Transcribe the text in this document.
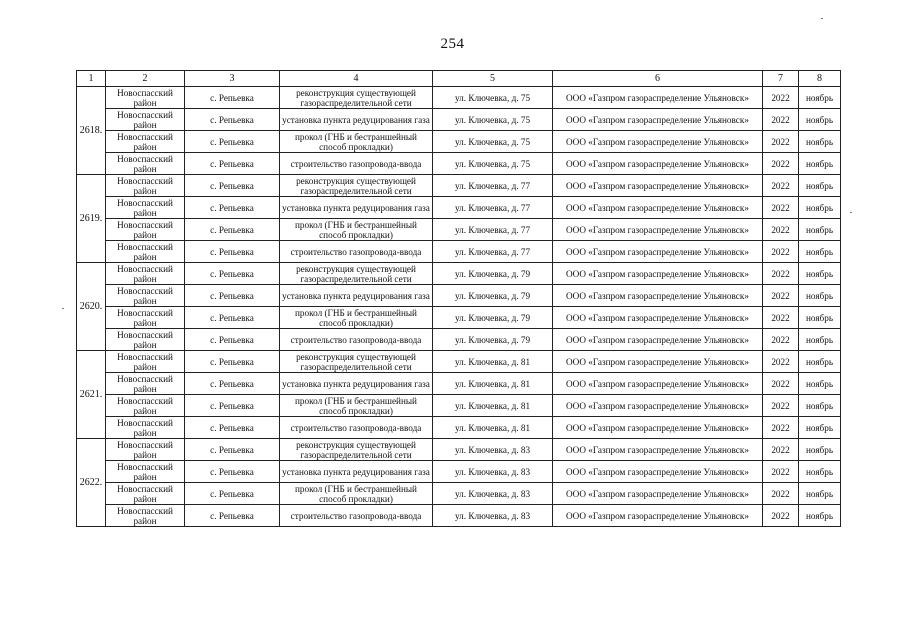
254
1	2	3	4	5	6	7	8
2618.	Новоспасский район	с. Репьевка	реконструкция существующей газораспределительной сети	ул. Ключевка, д. 75	ООО «Газпром газораспределение Ульяновск»	2022	ноябрь
	Новоспасский район	с. Репьевка	установка пункта редуцирования газа	ул. Ключевка, д. 75	ООО «Газпром газораспределение Ульяновск»	2022	ноябрь
	Новоспасский район	с. Репьевка	прокол (ГНБ и бестраншейный способ прокладки)	ул. Ключевка, д. 75	ООО «Газпром газораспределение Ульяновск»	2022	ноябрь
	Новоспасский район	с. Репьевка	строительство газопровода-ввода	ул. Ключевка, д. 75	ООО «Газпром газораспределение Ульяновск»	2022	ноябрь
2619.	Новоспасский район	с. Репьевка	реконструкция существующей газораспределительной сети	ул. Ключевка, д. 77	ООО «Газпром газораспределение Ульяновск»	2022	ноябрь
	Новоспасский район	с. Репьевка	установка пункта редуцирования газа	ул. Ключевка, д. 77	ООО «Газпром газораспределение Ульяновск»	2022	ноябрь
	Новоспасский район	с. Репьевка	прокол (ГНБ и бестраншейный способ прокладки)	ул. Ключевка, д. 77	ООО «Газпром газораспределение Ульяновск»	2022	ноябрь
	Новоспасский район	с. Репьевка	строительство газопровода-ввода	ул. Ключевка, д. 77	ООО «Газпром газораспределение Ульяновск»	2022	ноябрь
2620.	Новоспасский район	с. Репьевка	реконструкция существующей газораспределительной сети	ул. Ключевка, д. 79	ООО «Газпром газораспределение Ульяновск»	2022	ноябрь
	Новоспасский район	с. Репьевка	установка пункта редуцирования газа	ул. Ключевка, д. 79	ООО «Газпром газораспределение Ульяновск»	2022	ноябрь
	Новоспасский район	с. Репьевка	прокол (ГНБ и бестраншейный способ прокладки)	ул. Ключевка, д. 79	ООО «Газпром газораспределение Ульяновск»	2022	ноябрь
	Новоспасский район	с. Репьевка	строительство газопровода-ввода	ул. Ключевка, д. 79	ООО «Газпром газораспределение Ульяновск»	2022	ноябрь
2621.	Новоспасский район	с. Репьевка	реконструкция существующей газораспределительной сети	ул. Ключевка, д. 81	ООО «Газпром газораспределение Ульяновск»	2022	ноябрь
	Новоспасский район	с. Репьевка	установка пункта редуцирования газа	ул. Ключевка, д. 81	ООО «Газпром газораспределение Ульяновск»	2022	ноябрь
	Новоспасский район	с. Репьевка	прокол (ГНБ и бестраншейный способ прокладки)	ул. Ключевка, д. 81	ООО «Газпром газораспределение Ульяновск»	2022	ноябрь
	Новоспасский район	с. Репьевка	строительство газопровода-ввода	ул. Ключевка, д. 81	ООО «Газпром газораспределение Ульяновск»	2022	ноябрь
2622.	Новоспасский район	с. Репьевка	реконструкция существующей газораспределительной сети	ул. Ключевка, д. 83	ООО «Газпром газораспределение Ульяновск»	2022	ноябрь
	Новоспасский район	с. Репьевка	установка пункта редуцирования газа	ул. Ключевка, д. 83	ООО «Газпром газораспределение Ульяновск»	2022	ноябрь
	Новоспасский район	с. Репьевка	прокол (ГНБ и бестраншейный способ прокладки)	ул. Ключевка, д. 83	ООО «Газпром газораспределение Ульяновск»	2022	ноябрь
	Новоспасский район	с. Репьевка	строительство газопровода-ввода	ул. Ключевка, д. 83	ООО «Газпром газораспределение Ульяновск»	2022	ноябрь
